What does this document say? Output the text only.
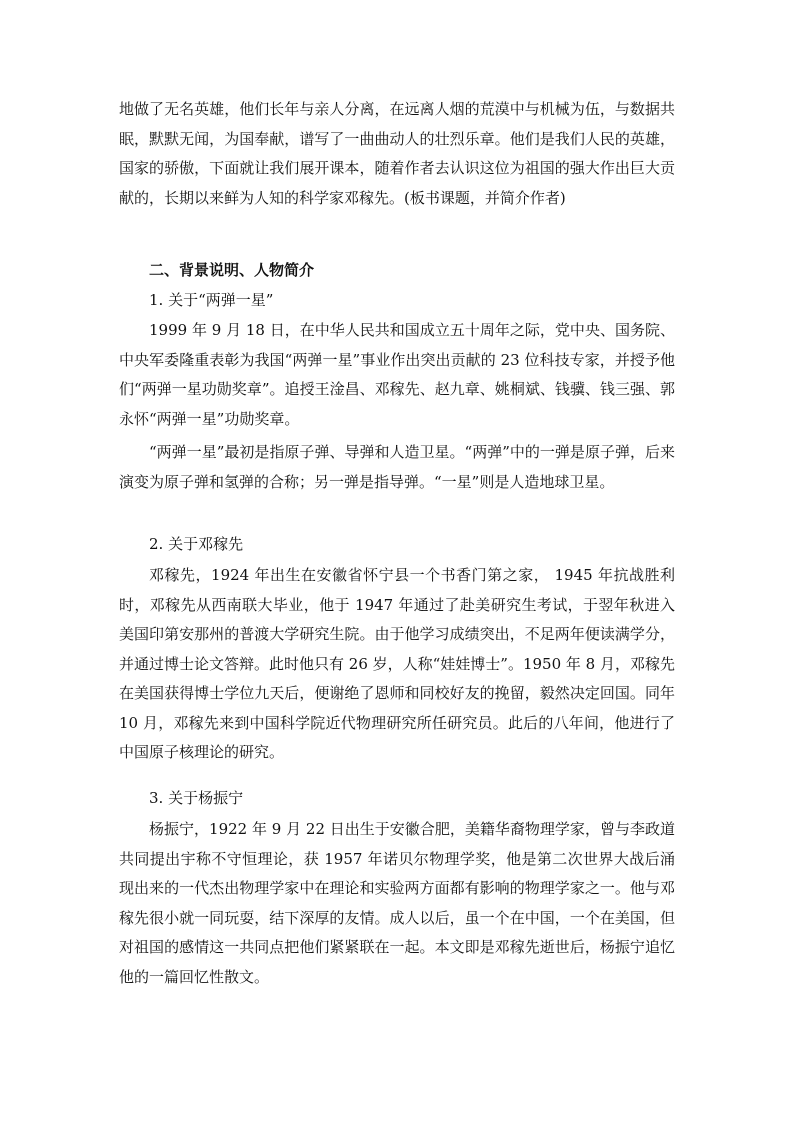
地做了无名英雄，他们长年与亲人分离，在远离人烟的荒漠中与机械为伍，与数据共眠，默默无闻，为国奉献，谱写了一曲曲动人的壮烈乐章。他们是我们人民的英雄，国家的骄傲，下面就让我们展开课本，随着作者去认识这位为祖国的强大作出巨大贡献的，长期以来鲜为人知的科学家邓稼先。(板书课题，并简介作者)

二、背景说明、人物简介

1. 关于“两弹一星”

1999 年 9 月 18 日，在中华人民共和国成立五十周年之际，党中央、国务院、中央军委隆重表彰为我国“两弹一星”事业作出突出贡献的 23 位科技专家，并授予他们“两弹一星功勋奖章”。追授王淦昌、邓稼先、赵九章、姚桐斌、钱骥、钱三强、郭永怀“两弹一星”功勋奖章。

“两弹一星”最初是指原子弹、导弹和人造卫星。“两弹”中的一弹是原子弹，后来演变为原子弹和氢弹的合称；另一弹是指导弹。“一星”则是人造地球卫星。

2. 关于邓稼先

邓稼先，1924 年出生在安徽省怀宁县一个书香门第之家， 1945 年抗战胜利时，邓稼先从西南联大毕业，他于 1947 年通过了赴美研究生考试，于翌年秋进入美国印第安那州的普渡大学研究生院。由于他学习成绩突出，不足两年便读满学分，并通过博士论文答辩。此时他只有 26 岁，人称“娃娃博士”。1950 年 8 月，邓稼先在美国获得博士学位九天后，便谢绝了恩师和同校好友的挽留，毅然决定回国。同年 10 月，邓稼先来到中国科学院近代物理研究所任研究员。此后的八年间，他进行了中国原子核理论的研究。

3. 关于杨振宁

杨振宁，1922 年 9 月 22 日出生于安徽合肥，美籍华裔物理学家，曾与李政道共同提出宇称不守恒理论，获 1957 年诺贝尔物理学奖，他是第二次世界大战后涌现出来的一代杰出物理学家中在理论和实验两方面都有影响的物理学家之一。他与邓稼先很小就一同玩耍，结下深厚的友情。成人以后，虽一个在中国，一个在美国，但对祖国的感情这一共同点把他们紧紧联在一起。本文即是邓稼先逝世后，杨振宁追忆他的一篇回忆性散文。
